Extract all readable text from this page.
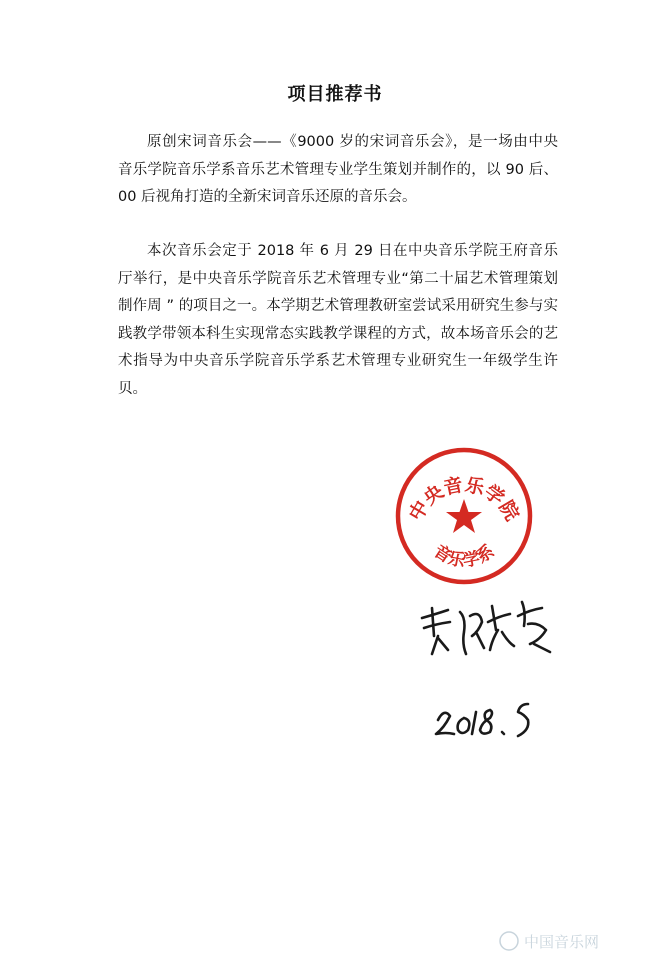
项目推荐书

原创宋词音乐会——《9000 岁的宋词音乐会》，是一场由中央音乐学院音乐学系音乐艺术管理专业学生策划并制作的，以 90 后、00 后视角打造的全新宋词音乐还原的音乐会。

本次音乐会定于 2018 年 6 月 29 日在中央音乐学院王府音乐厅举行，是中央音乐学院音乐艺术管理专业“第二十届艺术管理策划制作周 ” 的项目之一。本学期艺术管理教研室尝试采用研究生参与实践教学带领本科生实现常态实践教学课程的方式，故本场音乐会的艺术指导为中央音乐学院音乐学系艺术管理专业研究生一年级学生许贝。

中央音乐学院
音乐学系
2018.5
中国音乐网
